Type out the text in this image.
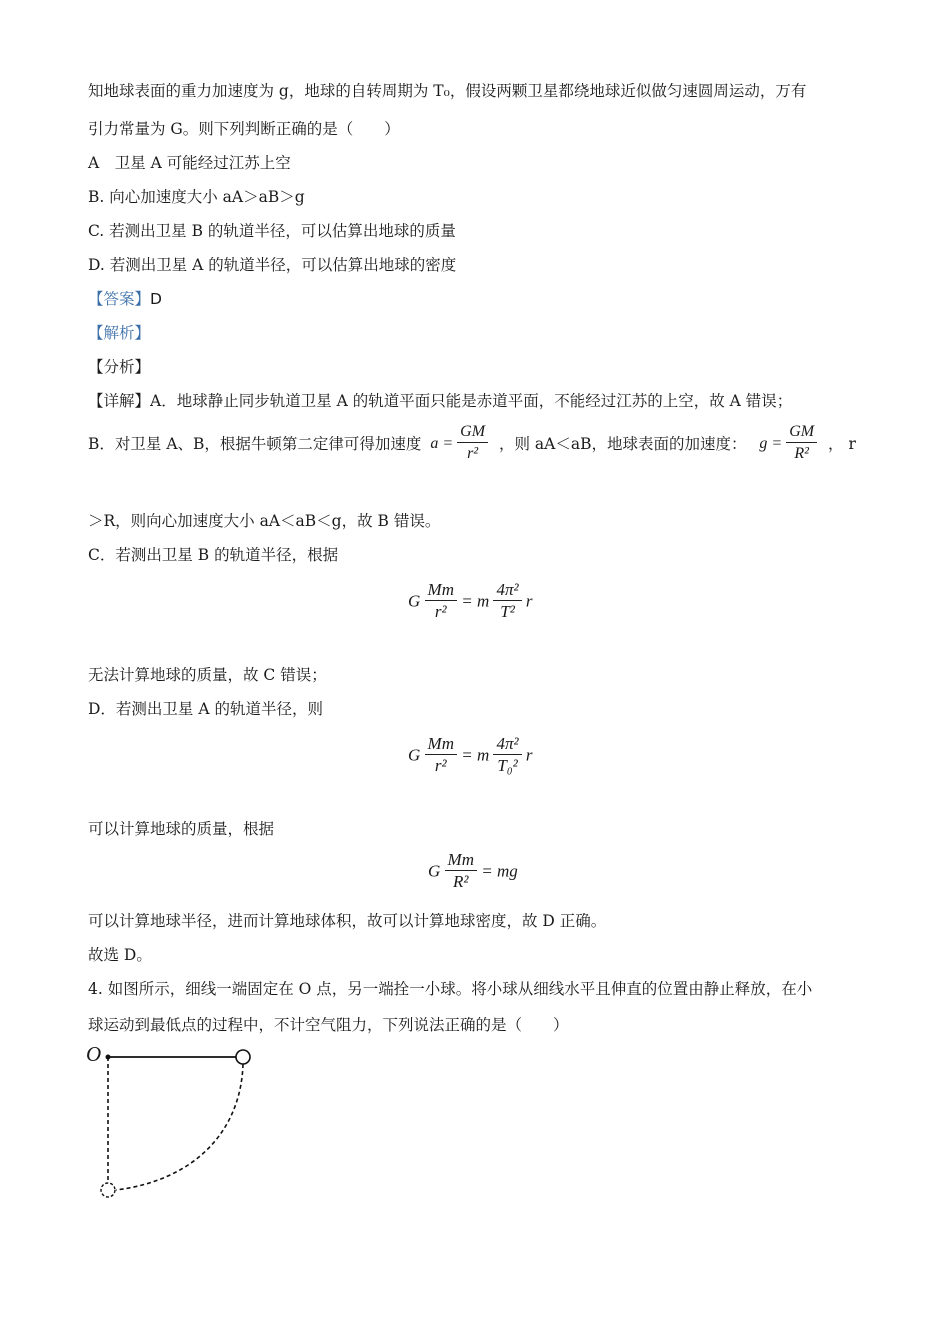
知地球表面的重力加速度为 g，地球的自转周期为 T₀，假设两颗卫星都绕地球近似做匀速圆周运动，万有
引力常量为 G。则下列判断正确的是（　　）
A　卫星 A 可能经过江苏上空
B. 向心加速度大小 aA＞aB＞g
C. 若测出卫星 B 的轨道半径，可以估算出地球的质量
D. 若测出卫星 A 的轨道半径，可以估算出地球的密度
【答案】D
【解析】
【分析】
【详解】A．地球静止同步轨道卫星 A 的轨道平面只能是赤道平面，不能经过江苏的上空，故 A 错误；
B．对卫星 A、B，根据牛顿第二定律可得加速度 $a = \frac{GM}{\text{r²}}$ ，则 aA＜aB，地球表面的加速度： $g = \frac{GM}{\text{R²}}$ ， r
＞R，则向心加速度大小 aA＜aB＜g，故 B 错误。
C．若测出卫星 B 的轨道半径，根据
G $\frac{Mm}{\text{r²}} = m \frac{\text{4π²}}{\text{T²}}$ r
无法计算地球的质量，故 C 错误；
D．若测出卫星 A 的轨道半径，则
G $\frac{Mm}{\text{r²}} = m \frac{\text{4π²}}{\text{T₀²}}$ r
可以计算地球的质量，根据
G $\frac{Mm}{\text{R²}}$ = mg
可以计算地球半径，进而计算地球体积，故可以计算地球密度，故 D 正确。
故选 D。
4. 如图所示，细线一端固定在 O 点，另一端拴一小球。将小球从细线水平且伸直的位置由静止释放，在小
球运动到最低点的过程中，不计空气阻力，下列说法正确的是（　　）
O
